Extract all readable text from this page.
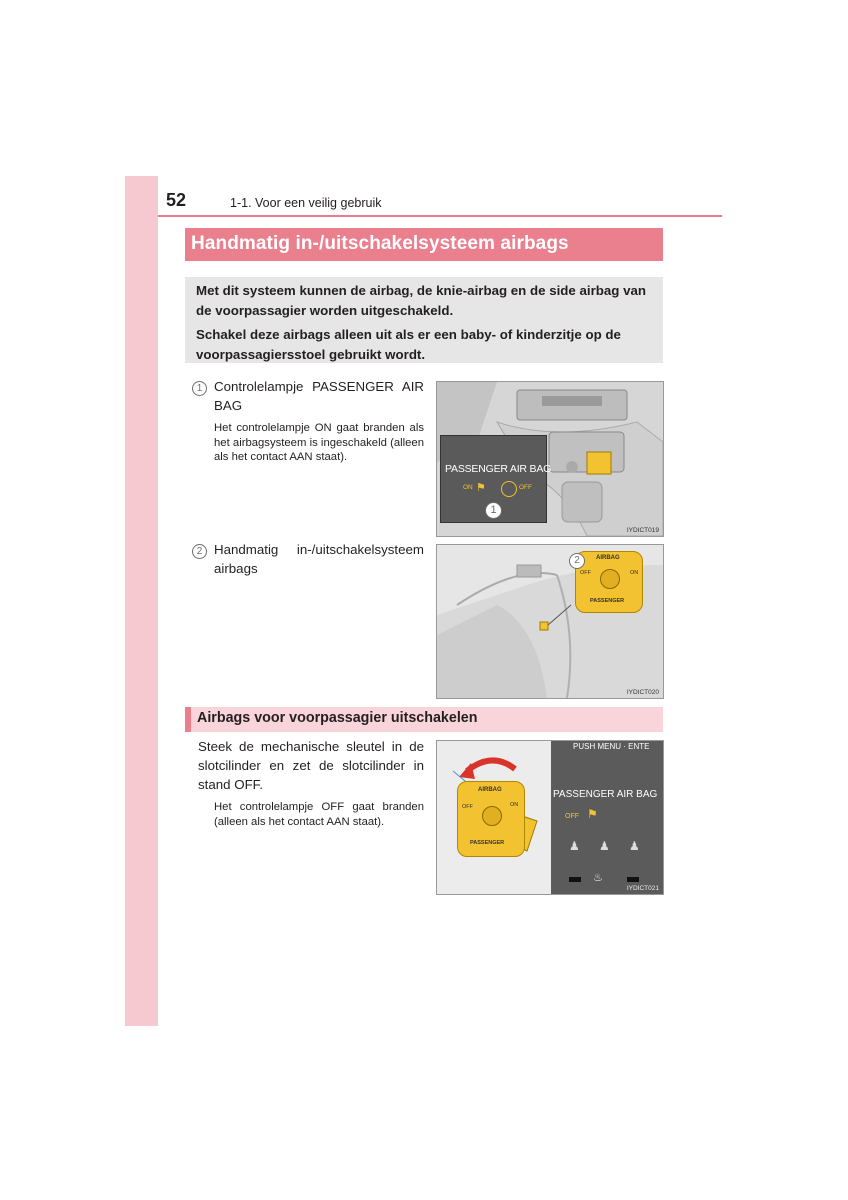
52	1-1. Voor een veilig gebruik
Handmatig in-/uitschakelsysteem airbags

Met dit systeem kunnen de airbag, de knie-airbag en de side airbag van de voorpassagier worden uitgeschakeld.

Schakel deze airbags alleen uit als er een baby- of kinderzitje op de voorpassagiersstoel gebruikt wordt.

1 Controlelampje PASSENGER AIR
BAG
Het controlelampje ON gaat branden als het airbagsysteem is ingeschakeld (alleen als het contact AAN staat).
PASSENGER AIR BAG
ON ⚑	OFF
1
IYDICT019
2 Handmatig in-/uitschakelsysteem
airbags
AIRBAG
OFF	ON
PASSENGER
2
IYDICT020
Airbags voor voorpassagier uitschakelen
Steek de mechanische sleutel in de
slotcilinder en zet de slotcilinder in
stand OFF.
Het controlelampje OFF gaat branden (alleen als het contact AAN staat).
AIRBAG
OFF	ON
PASSENGER
PUSH MENU · ENTE
PASSENGER AIR BAG
OFF ⚑
♟ ♟ ♟
♨
IYDICT021
